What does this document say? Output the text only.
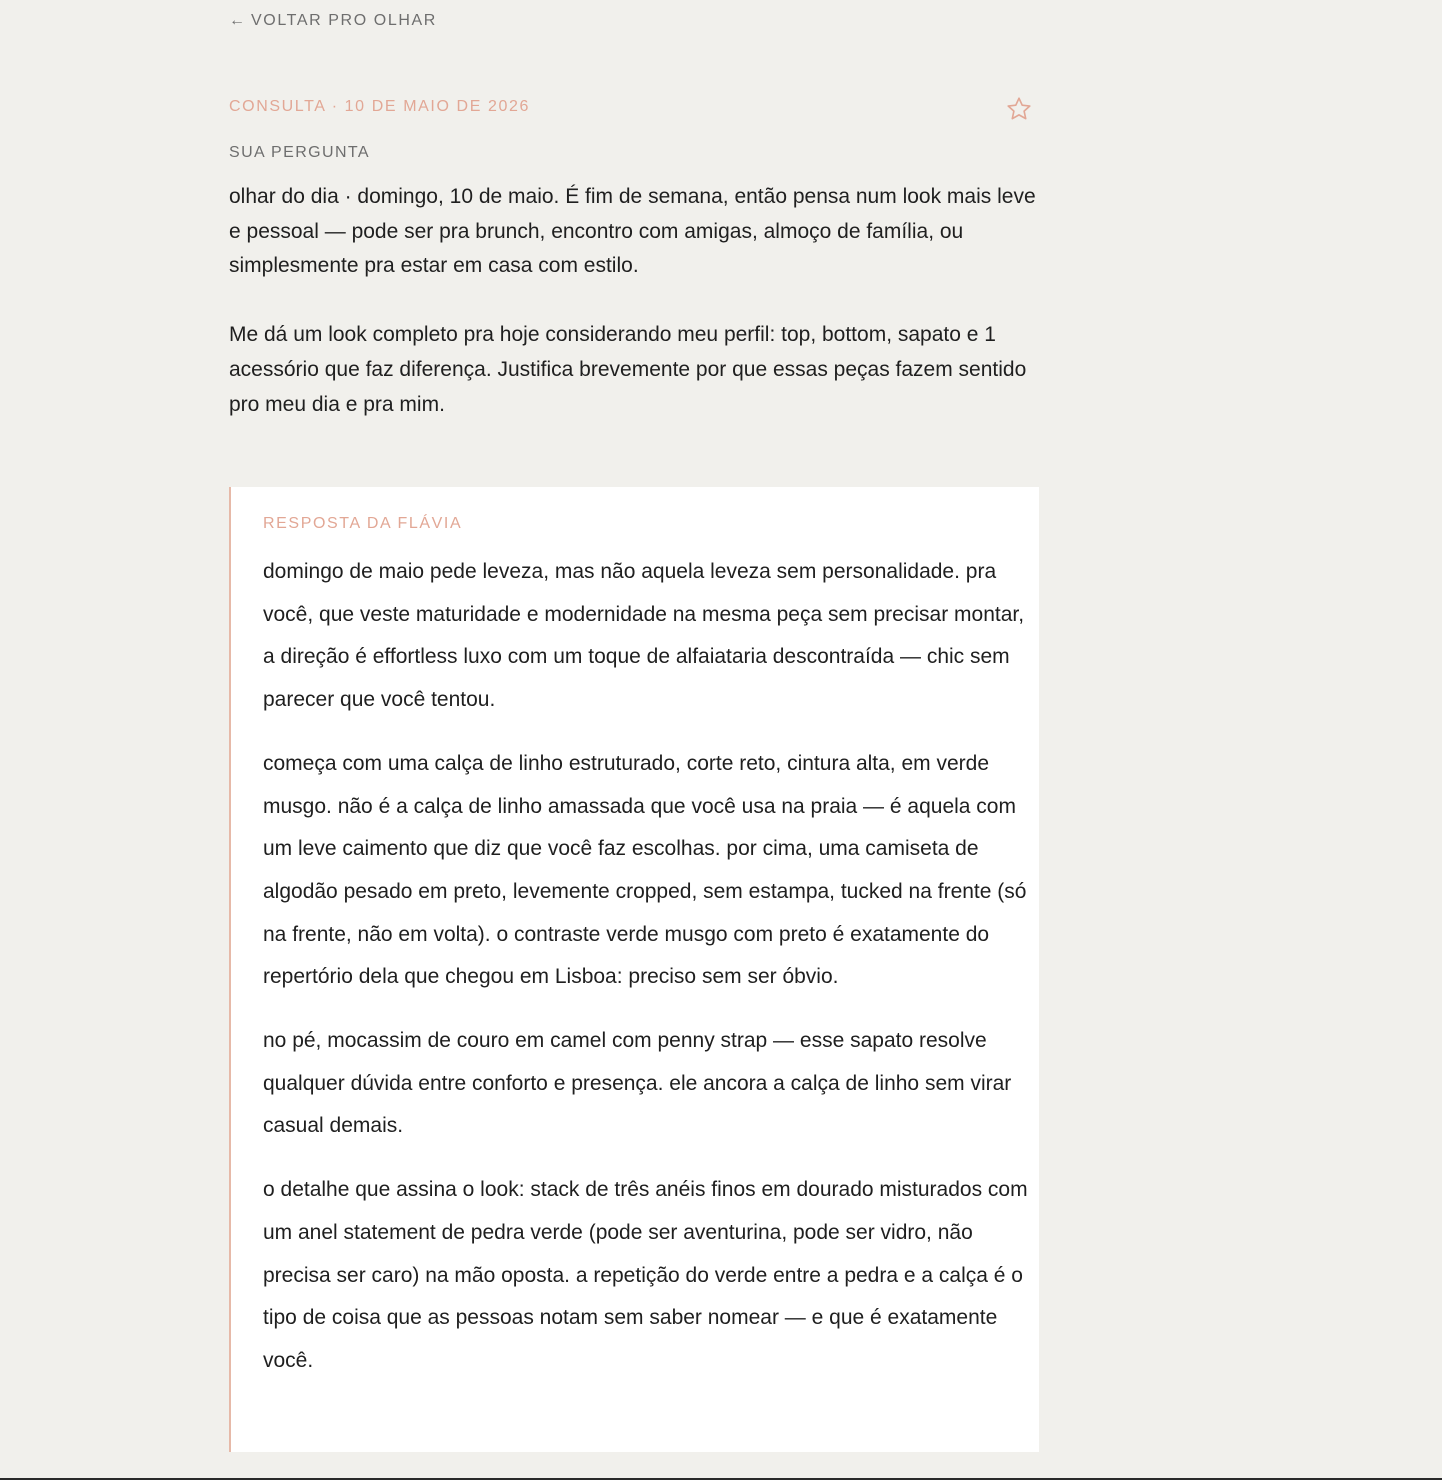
← VOLTAR PRO OLHAR
CONSULTA · 10 DE MAIO DE 2026
SUA PERGUNTA

olhar do dia · domingo, 10 de maio. É fim de semana, então pensa num look mais leve e pessoal — pode ser pra brunch, encontro com amigas, almoço de família, ou simplesmente pra estar em casa com estilo.

Me dá um look completo pra hoje considerando meu perfil: top, bottom, sapato e 1 acessório que faz diferença. Justifica brevemente por que essas peças fazem sentido pro meu dia e pra mim.

RESPOSTA DA FLÁVIA

domingo de maio pede leveza, mas não aquela leveza sem personalidade. pra você, que veste maturidade e modernidade na mesma peça sem precisar montar, a direção é effortless luxo com um toque de alfaiataria descontraída — chic sem parecer que você tentou.

começa com uma calça de linho estruturado, corte reto, cintura alta, em verde musgo. não é a calça de linho amassada que você usa na praia — é aquela com um leve caimento que diz que você faz escolhas. por cima, uma camiseta de algodão pesado em preto, levemente cropped, sem estampa, tucked na frente (só na frente, não em volta). o contraste verde musgo com preto é exatamente do repertório dela que chegou em Lisboa: preciso sem ser óbvio.

no pé, mocassim de couro em camel com penny strap — esse sapato resolve qualquer dúvida entre conforto e presença. ele ancora a calça de linho sem virar casual demais.

o detalhe que assina o look: stack de três anéis finos em dourado misturados com um anel statement de pedra verde (pode ser aventurina, pode ser vidro, não precisa ser caro) na mão oposta. a repetição do verde entre a pedra e a calça é o tipo de coisa que as pessoas notam sem saber nomear — e que é exatamente você.
